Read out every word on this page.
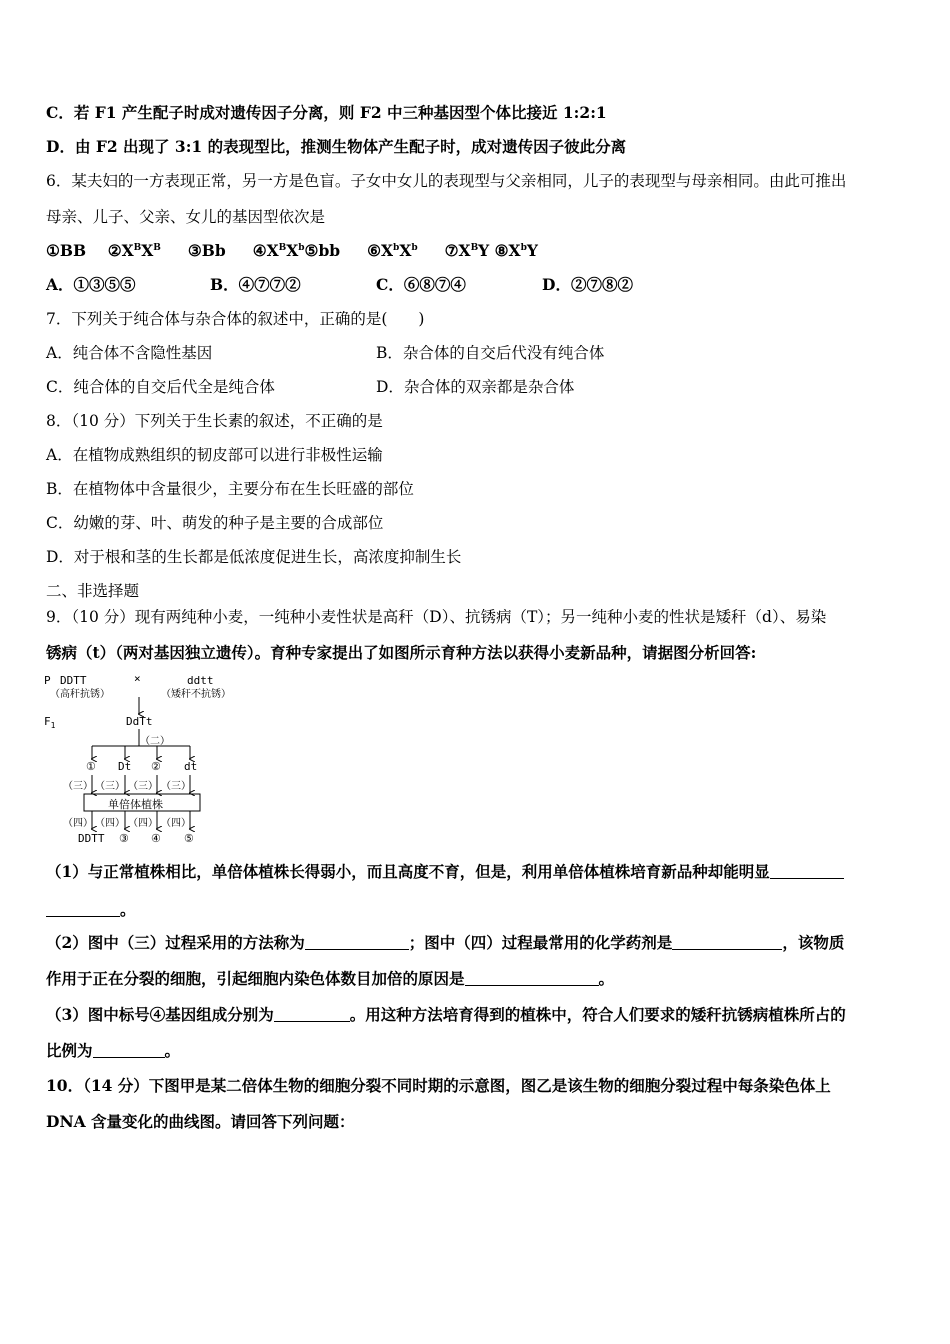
C．若 F1 产生配子时成对遗传因子分离，则 F2 中三种基因型个体比接近 1:2:1
D．由 F2 出现了 3:1 的表现型比，推测生物体产生配子时，成对遗传因子彼此分离
6．某夫妇的一方表现正常，另一方是色盲。子女中女儿的表现型与父亲相同，儿子的表现型与母亲相同。由此可推出
母亲、儿子、父亲、女儿的基因型依次是
①BB $②X^BX^B$ ③Bb $④X^BX^b⑤bb$ $⑥X^bX^b$ $⑦X^BY$ $⑧X^bY$
A．①③⑤⑤	B．④⑦⑦②	C．⑥⑧⑦④	D．②⑦⑧②
7．下列关于纯合体与杂合体的叙述中，正确的是(　　)
A．纯合体不含隐性基因	B．杂合体的自交后代没有纯合体
C．纯合体的自交后代全是纯合体	D．杂合体的双亲都是杂合体
8．（10 分）下列关于生长素的叙述，不正确的是
A．在植物成熟组织的韧皮部可以进行非极性运输
B．在植物体中含量很少，主要分布在生长旺盛的部位
C．幼嫩的芽、叶、萌发的种子是主要的合成部位
D．对于根和茎的生长都是低浓度促进生长，高浓度抑制生长
二、非选择题
9．（10 分）现有两纯种小麦，一纯种小麦性状是高秆（D）、抗锈病（T）；另一纯种小麦的性状是矮秆（d）、易染
锈病（t）（两对基因独立遗传）。育种专家提出了如图所示育种方法以获得小麦新品种，请据图分析回答:
P DDTT	×	ddtt
（高秆抗锈）	（矮秆不抗锈）
$F_1$	DdTt
（二）
① Dt ② dt
（三） （三） （三） （三）
单倍体植株
（四） （四） （四） （四）
DDTT ③ ④ ⑤
（1）与正常植株相比，单倍体植株长得弱小，而且高度不育，但是，利用单倍体植株培育新品种却能明显
。
（2）图中（三）过程采用的方法称为	；图中（四）过程最常用的化学药剂是	，该物质
作用于正在分裂的细胞，引起细胞内染色体数目加倍的原因是	。
（3）图中标号④基因组成分别为	。用这种方法培育得到的植株中，符合人们要求的矮秆抗锈病植株所占的
比例为	。
10．（14 分）下图甲是某二倍体生物的细胞分裂不同时期的示意图，图乙是该生物的细胞分裂过程中每条染色体上
DNA 含量变化的曲线图。请回答下列问题：
